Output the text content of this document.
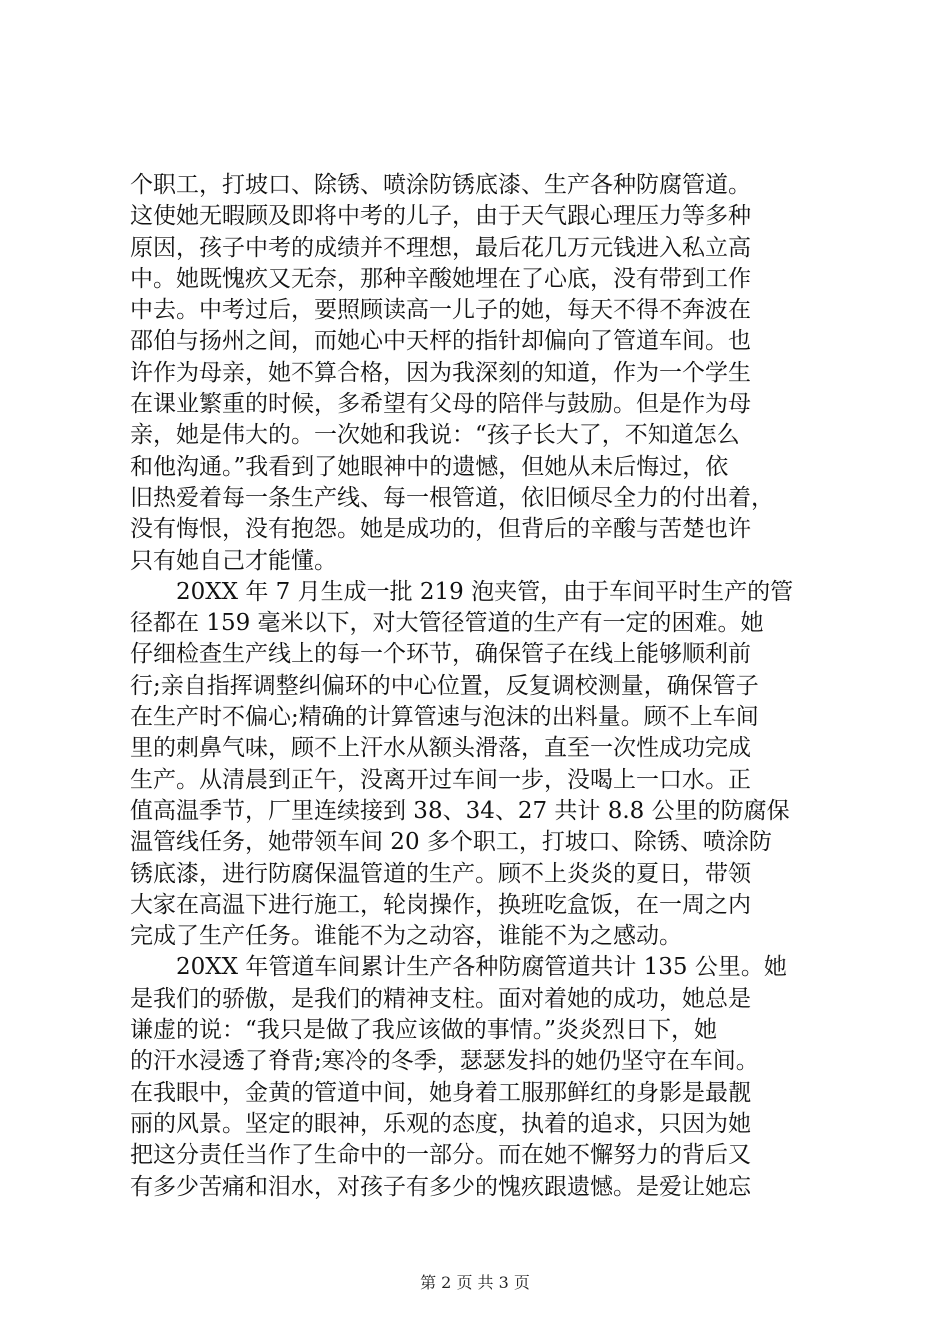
个职工，打坡口、除锈、喷涂防锈底漆、生产各种防腐管道。
这使她无暇顾及即将中考的儿子，由于天气跟心理压力等多种
原因，孩子中考的成绩并不理想，最后花几万元钱进入私立高
中。她既愧疚又无奈，那种辛酸她埋在了心底，没有带到工作
中去。中考过后，要照顾读高一儿子的她，每天不得不奔波在
邵伯与扬州之间，而她心中天枰的指针却偏向了管道车间。也
许作为母亲，她不算合格，因为我深刻的知道，作为一个学生
在课业繁重的时候，多希望有父母的陪伴与鼓励。但是作为母
亲，她是伟大的。一次她和我说：“孩子长大了，不知道怎么
和他沟通。”我看到了她眼神中的遗憾，但她从未后悔过，依
旧热爱着每一条生产线、每一根管道，依旧倾尽全力的付出着，
没有悔恨，没有抱怨。她是成功的，但背后的辛酸与苦楚也许
只有她自己才能懂。
　　20XX 年 7 月生成一批 219 泡夹管，由于车间平时生产的管
径都在 159 毫米以下，对大管径管道的生产有一定的困难。她
仔细检查生产线上的每一个环节，确保管子在线上能够顺利前
行;亲自指挥调整纠偏环的中心位置，反复调校测量，确保管子
在生产时不偏心;精确的计算管速与泡沫的出料量。顾不上车间
里的刺鼻气味，顾不上汗水从额头滑落，直至一次性成功完成
生产。从清晨到正午，没离开过车间一步，没喝上一口水。正
值高温季节，厂里连续接到 38、34、27 共计 8.8 公里的防腐保
温管线任务，她带领车间 20 多个职工，打坡口、除锈、喷涂防
锈底漆，进行防腐保温管道的生产。顾不上炎炎的夏日，带领
大家在高温下进行施工，轮岗操作，换班吃盒饭，在一周之内
完成了生产任务。谁能不为之动容，谁能不为之感动。
　　20XX 年管道车间累计生产各种防腐管道共计 135 公里。她
是我们的骄傲，是我们的精神支柱。面对着她的成功，她总是
谦虚的说：“我只是做了我应该做的事情。”炎炎烈日下，她
的汗水浸透了脊背;寒冷的冬季，瑟瑟发抖的她仍坚守在车间。
在我眼中，金黄的管道中间，她身着工服那鲜红的身影是最靓
丽的风景。坚定的眼神，乐观的态度，执着的追求，只因为她
把这分责任当作了生命中的一部分。而在她不懈努力的背后又
有多少苦痛和泪水，对孩子有多少的愧疚跟遗憾。是爱让她忘
第 2 页 共 3 页
